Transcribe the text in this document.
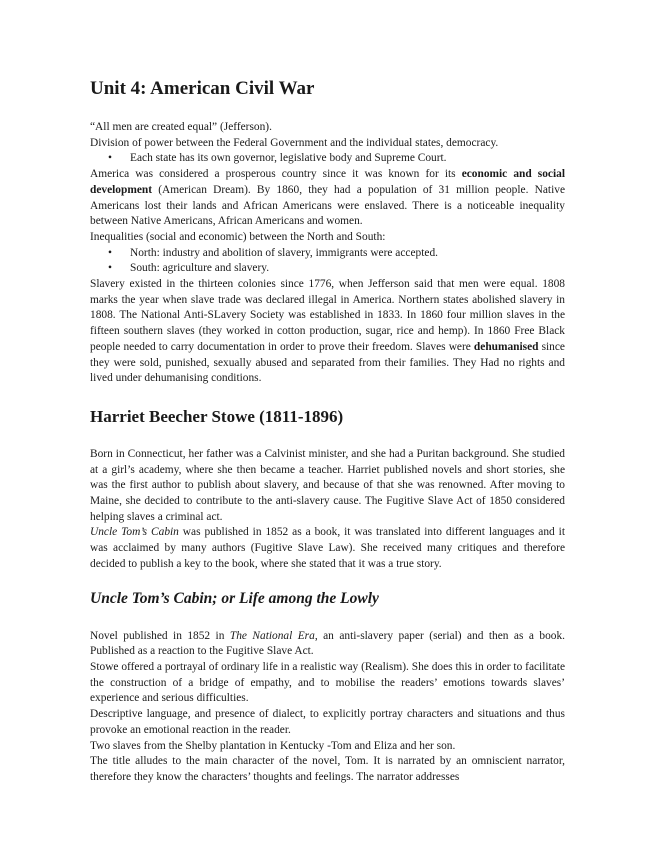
Unit 4: American Civil War

“All men are created equal” (Jefferson).

Division of power between the Federal Government and the individual states, democracy.

• Each state has its own governor, legislative body and Supreme Court.

America was considered a prosperous country since it was known for its economic and social development (American Dream). By 1860, they had a population of 31 million people. Native Americans lost their lands and African Americans were enslaved. There is a noticeable inequality between Native Americans, African Americans and women.

Inequalities (social and economic) between the North and South:

• North: industry and abolition of slavery, immigrants were accepted.
• South: agriculture and slavery.

Slavery existed in the thirteen colonies since 1776, when Jefferson said that men were equal. 1808 marks the year when slave trade was declared illegal in America. Northern states abolished slavery in 1808. The National Anti-SLavery Society was established in 1833. In 1860 four million slaves in the fifteen southern slaves (they worked in cotton production, sugar, rice and hemp). In 1860 Free Black people needed to carry documentation in order to prove their freedom. Slaves were dehumanised since they were sold, punished, sexually abused and separated from their families. They Had no rights and lived under dehumanising conditions.

Harriet Beecher Stowe (1811-1896)

Born in Connecticut, her father was a Calvinist minister, and she had a Puritan background. She studied at a girl’s academy, where she then became a teacher. Harriet published novels and short stories, she was the first author to publish about slavery, and because of that she was renowned. After moving to Maine, she decided to contribute to the anti-slavery cause. The Fugitive Slave Act of 1850 considered helping slaves a criminal act.

Uncle Tom’s Cabin was published in 1852 as a book, it was translated into different languages and it was acclaimed by many authors (Fugitive Slave Law). She received many critiques and therefore decided to publish a key to the book, where she stated that it was a true story.

Uncle Tom’s Cabin; or Life among the Lowly

Novel published in 1852 in The National Era, an anti-slavery paper (serial) and then as a book. Published as a reaction to the Fugitive Slave Act.

Stowe offered a portrayal of ordinary life in a realistic way (Realism). She does this in order to facilitate the construction of a bridge of empathy, and to mobilise the readers’ emotions towards slaves’ experience and serious difficulties.

Descriptive language, and presence of dialect, to explicitly portray characters and situations and thus provoke an emotional reaction in the reader.

Two slaves from the Shelby plantation in Kentucky -Tom and Eliza and her son.

The title alludes to the main character of the novel, Tom. It is narrated by an omniscient narrator, therefore they know the characters’ thoughts and feelings. The narrator addresses
